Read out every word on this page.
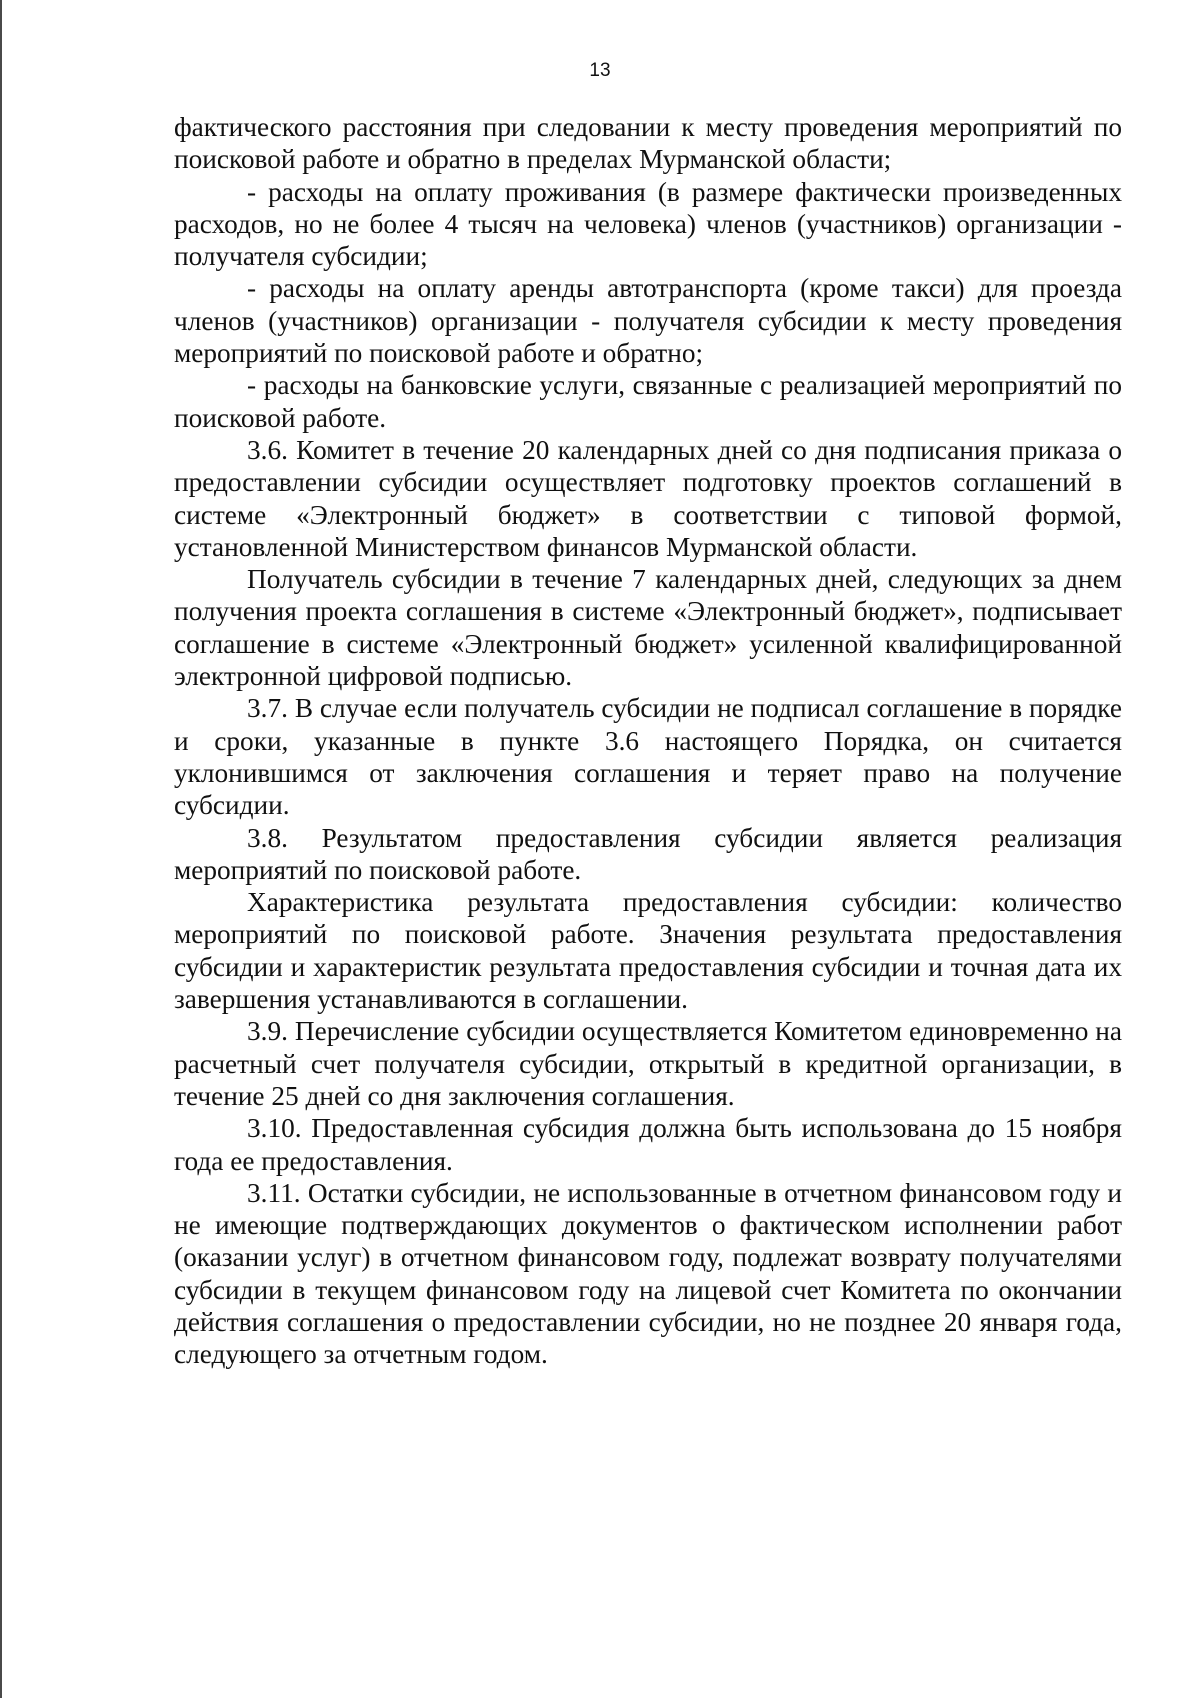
13

фактического расстояния при следовании к месту проведения мероприятий по поисковой работе и обратно в пределах Мурманской области;

- расходы на оплату проживания (в размере фактически произведенных расходов, но не более 4 тысяч на человека) членов (участников) организации - получателя субсидии;

- расходы на оплату аренды автотранспорта (кроме такси) для проезда членов (участников) организации - получателя субсидии к месту проведения мероприятий по поисковой работе и обратно;

- расходы на банковские услуги, связанные с реализацией мероприятий по поисковой работе.

3.6. Комитет в течение 20 календарных дней со дня подписания приказа о предоставлении субсидии осуществляет подготовку проектов соглашений в системе «Электронный бюджет» в соответствии с типовой формой, установленной Министерством финансов Мурманской области.

Получатель субсидии в течение 7 календарных дней, следующих за днем получения проекта соглашения в системе «Электронный бюджет», подписывает соглашение в системе «Электронный бюджет» усиленной квалифицированной электронной цифровой подписью.

3.7. В случае если получатель субсидии не подписал соглашение в порядке и сроки, указанные в пункте 3.6 настоящего Порядка, он считается уклонившимся от заключения соглашения и теряет право на получение субсидии.

3.8. Результатом предоставления субсидии является реализация мероприятий по поисковой работе.

Характеристика результата предоставления субсидии: количество мероприятий по поисковой работе. Значения результата предоставления субсидии и характеристик результата предоставления субсидии и точная дата их завершения устанавливаются в соглашении.

3.9. Перечисление субсидии осуществляется Комитетом единовременно на расчетный счет получателя субсидии, открытый в кредитной организации, в течение 25 дней со дня заключения соглашения.

3.10. Предоставленная субсидия должна быть использована до 15 ноября года ее предоставления.

3.11. Остатки субсидии, не использованные в отчетном финансовом году и не имеющие подтверждающих документов о фактическом исполнении работ (оказании услуг) в отчетном финансовом году, подлежат возврату получателями субсидии в текущем финансовом году на лицевой счет Комитета по окончании действия соглашения о предоставлении субсидии, но не позднее 20 января года, следующего за отчетным годом.
